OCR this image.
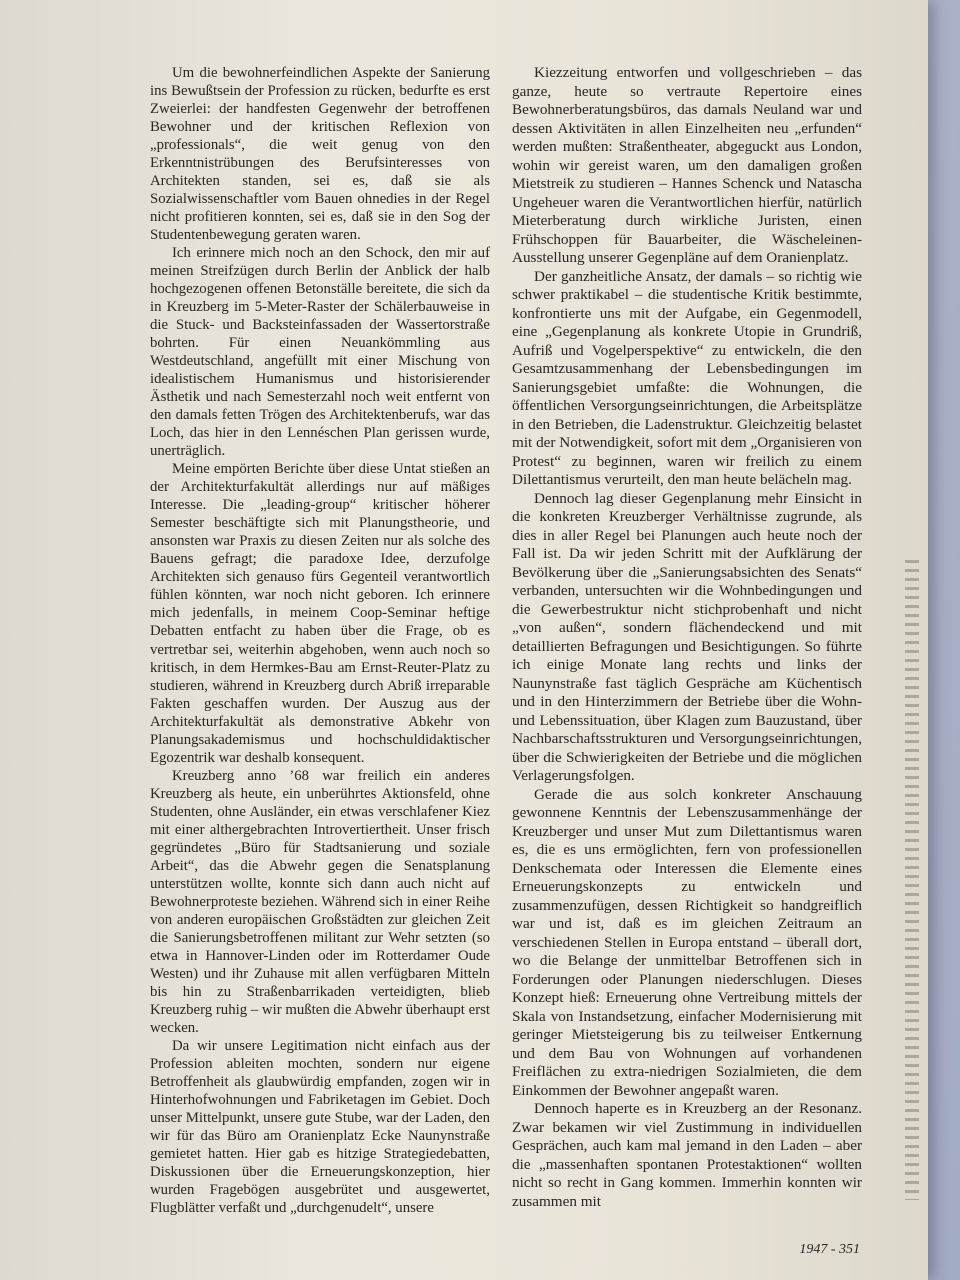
Um die bewohnerfeindlichen Aspekte der Sanierung ins Bewußtsein der Profession zu rücken, bedurfte es erst Zweierlei: der handfesten Gegenwehr der betroffenen Bewohner und der kritischen Reflexion von „professionals“, die weit genug von den Erkenntnistrübungen des Berufsinteresses von Architekten standen, sei es, daß sie als Sozialwissenschaftler vom Bauen ohnedies in der Regel nicht profitieren konnten, sei es, daß sie in den Sog der Studentenbewegung geraten waren.

Ich erinnere mich noch an den Schock, den mir auf meinen Streifzügen durch Berlin der Anblick der halb hochgezogenen offenen Betonställe bereitete, die sich da in Kreuzberg im 5-Meter-Raster der Schälerbauweise in die Stuck- und Backsteinfassaden der Wassertorstraße bohrten. Für einen Neuankömmling aus Westdeutschland, angefüllt mit einer Mischung von idealistischem Humanismus und historisierender Ästhetik und nach Semesterzahl noch weit entfernt von den damals fetten Trögen des Architektenberufs, war das Loch, das hier in den Lennéschen Plan gerissen wurde, unerträglich.

Meine empörten Berichte über diese Untat stießen an der Architekturfakultät allerdings nur auf mäßiges Interesse. Die „leading-group“ kritischer höherer Semester beschäftigte sich mit Planungstheorie, und ansonsten war Praxis zu diesen Zeiten nur als solche des Bauens gefragt; die paradoxe Idee, derzufolge Architekten sich genauso fürs Gegenteil verantwortlich fühlen könnten, war noch nicht geboren. Ich erinnere mich jedenfalls, in meinem Coop-Seminar heftige Debatten entfacht zu haben über die Frage, ob es vertretbar sei, weiterhin abgehoben, wenn auch noch so kritisch, in dem Hermkes-Bau am Ernst-Reuter-Platz zu studieren, während in Kreuzberg durch Abriß irreparable Fakten geschaffen wurden. Der Auszug aus der Architekturfakultät als demonstrative Abkehr von Planungsakademismus und hochschuldidaktischer Egozentrik war deshalb konsequent.

Kreuzberg anno ’68 war freilich ein anderes Kreuzberg als heute, ein unberührtes Aktionsfeld, ohne Studenten, ohne Ausländer, ein etwas verschlafener Kiez mit einer althergebrachten Introvertiertheit. Unser frisch gegründetes „Büro für Stadtsanierung und soziale Arbeit“, das die Abwehr gegen die Senatsplanung unterstützen wollte, konnte sich dann auch nicht auf Bewohnerproteste beziehen. Während sich in einer Reihe von anderen europäischen Großstädten zur gleichen Zeit die Sanierungsbetroffenen militant zur Wehr setzten (so etwa in Hannover-Linden oder im Rotterdamer Oude Westen) und ihr Zuhause mit allen verfügbaren Mitteln bis hin zu Straßenbarrikaden verteidigten, blieb Kreuzberg ruhig – wir mußten die Abwehr überhaupt erst wecken.

Da wir unsere Legitimation nicht einfach aus der Profession ableiten mochten, sondern nur eigene Betroffenheit als glaubwürdig empfanden, zogen wir in Hinterhofwohnungen und Fabriketagen im Gebiet. Doch unser Mittelpunkt, unsere gute Stube, war der Laden, den wir für das Büro am Oranienplatz Ecke Naunynstraße gemietet hatten. Hier gab es hitzige Strategiedebatten, Diskussionen über die Erneuerungskonzeption, hier wurden Fragebögen ausgebrütet und ausgewertet, Flugblätter verfaßt und „durchgenudelt“, unsere

Kiezzeitung entworfen und vollgeschrieben – das ganze, heute so vertraute Repertoire eines Bewohnerberatungsbüros, das damals Neuland war und dessen Aktivitäten in allen Einzelheiten neu „erfunden“ werden mußten: Straßentheater, abgeguckt aus London, wohin wir gereist waren, um den damaligen großen Mietstreik zu studieren – Hannes Schenck und Natascha Ungeheuer waren die Verantwortlichen hierfür, natürlich Mieterberatung durch wirkliche Juristen, einen Frühschoppen für Bauarbeiter, die Wäscheleinen-Ausstellung unserer Gegenpläne auf dem Oranienplatz.

Der ganzheitliche Ansatz, der damals – so richtig wie schwer praktikabel – die studentische Kritik bestimmte, konfrontierte uns mit der Aufgabe, ein Gegenmodell, eine „Gegenplanung als konkrete Utopie in Grundriß, Aufriß und Vogelperspektive“ zu entwickeln, die den Gesamtzusammenhang der Lebensbedingungen im Sanierungsgebiet umfaßte: die Wohnungen, die öffentlichen Versorgungseinrichtungen, die Arbeitsplätze in den Betrieben, die Ladenstruktur. Gleichzeitig belastet mit der Notwendigkeit, sofort mit dem „Organisieren von Protest“ zu beginnen, waren wir freilich zu einem Dilettantismus verurteilt, den man heute belächeln mag.

Dennoch lag dieser Gegenplanung mehr Einsicht in die konkreten Kreuzberger Verhältnisse zugrunde, als dies in aller Regel bei Planungen auch heute noch der Fall ist. Da wir jeden Schritt mit der Aufklärung der Bevölkerung über die „Sanierungsabsichten des Senats“ verbanden, untersuchten wir die Wohnbedingungen und die Gewerbestruktur nicht stichprobenhaft und nicht „von außen“, sondern flächendeckend und mit detaillierten Befragungen und Besichtigungen. So führte ich einige Monate lang rechts und links der Naunynstraße fast täglich Gespräche am Küchentisch und in den Hinterzimmern der Betriebe über die Wohn- und Lebenssituation, über Klagen zum Bauzustand, über Nachbarschaftsstrukturen und Versorgungseinrichtungen, über die Schwierigkeiten der Betriebe und die möglichen Verlagerungsfolgen.

Gerade die aus solch konkreter Anschauung gewonnene Kenntnis der Lebenszusammenhänge der Kreuzberger und unser Mut zum Dilettantismus waren es, die es uns ermöglichten, fern von professionellen Denkschemata oder Interessen die Elemente eines Erneuerungskonzepts zu entwickeln und zusammenzufügen, dessen Richtigkeit so handgreiflich war und ist, daß es im gleichen Zeitraum an verschiedenen Stellen in Europa entstand – überall dort, wo die Belange der unmittelbar Betroffenen sich in Forderungen oder Planungen niederschlugen. Dieses Konzept hieß: Erneuerung ohne Vertreibung mittels der Skala von Instandsetzung, einfacher Modernisierung mit geringer Mietsteigerung bis zu teilweiser Entkernung und dem Bau von Wohnungen auf vorhandenen Freiflächen zu extra-niedrigen Sozialmieten, die dem Einkommen der Bewohner angepaßt waren.

Dennoch haperte es in Kreuzberg an der Resonanz. Zwar bekamen wir viel Zustimmung in individuellen Gesprächen, auch kam mal jemand in den Laden – aber die „massenhaften spontanen Protestaktionen“ wollten nicht so recht in Gang kommen. Immerhin konnten wir zusammen mit

1947 - 351
